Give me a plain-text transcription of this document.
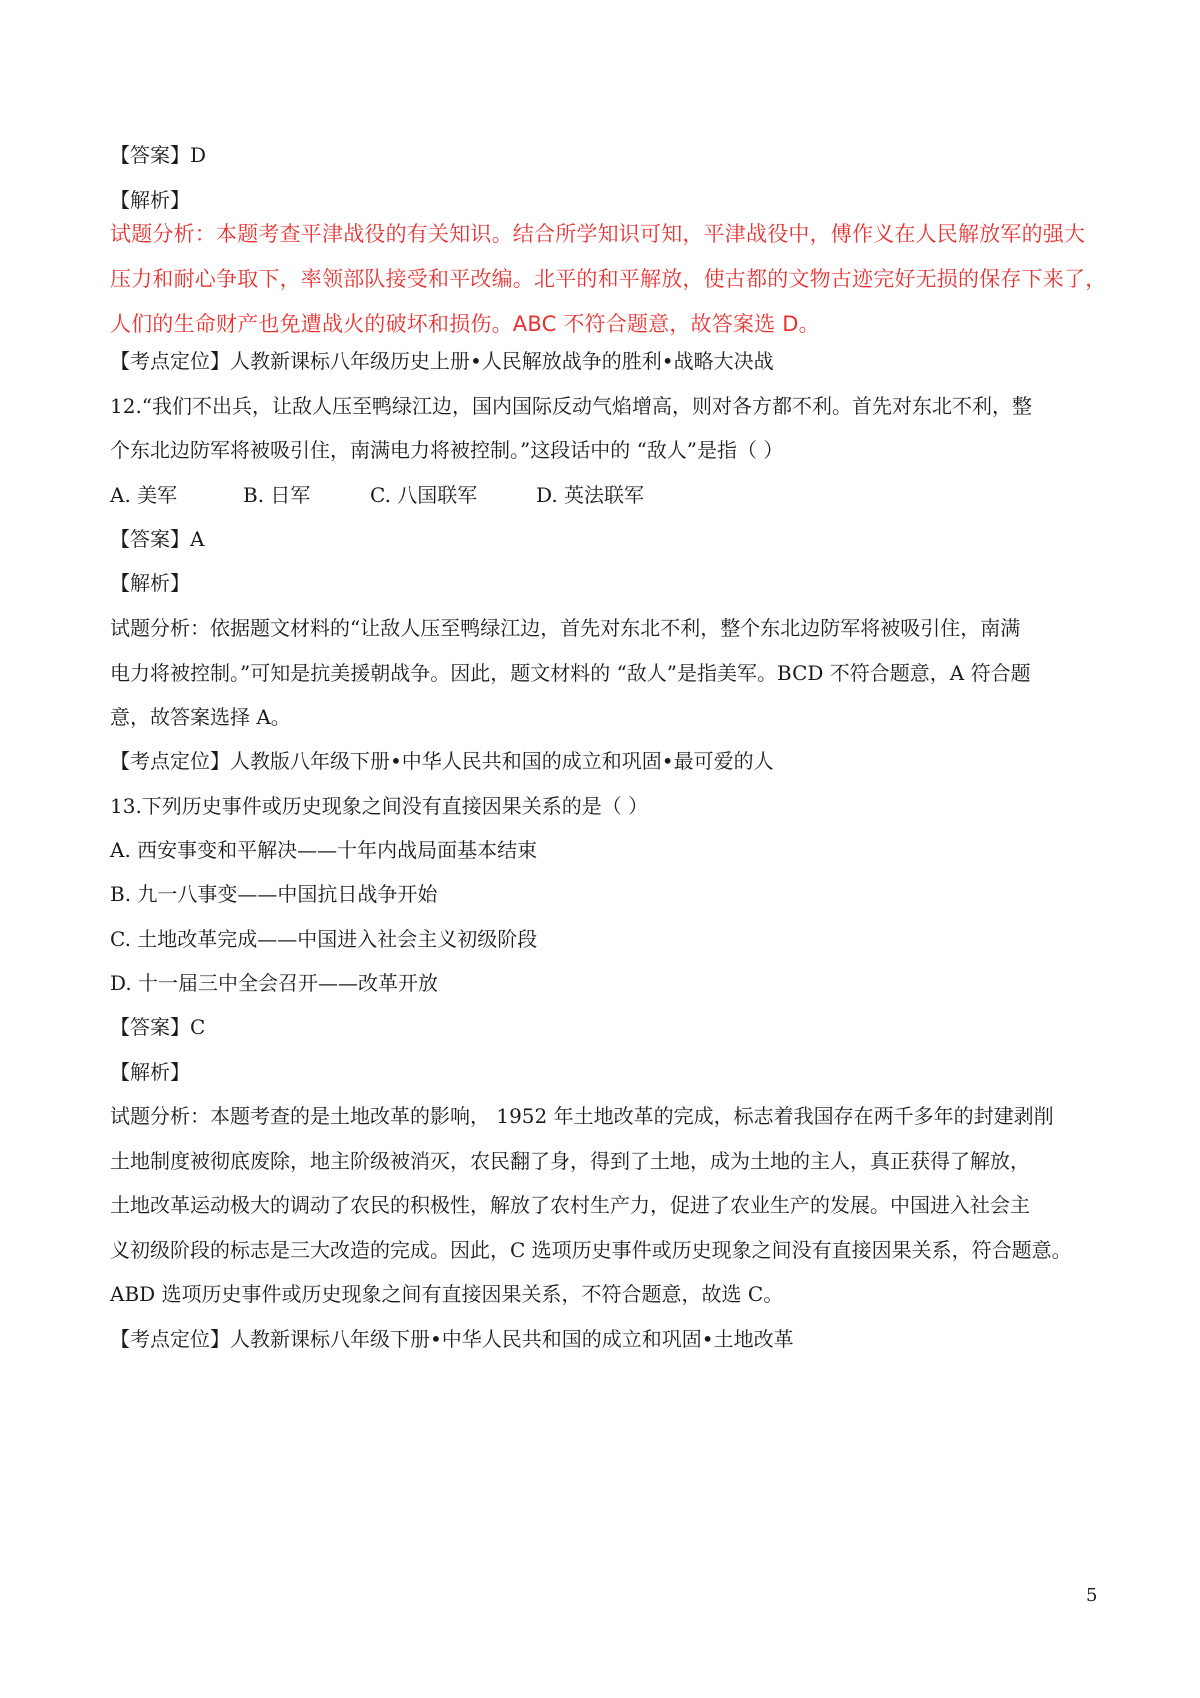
【答案】D
【解析】
试题分析：本题考查平津战役的有关知识。结合所学知识可知，平津战役中，傅作义在人民解放军的强大
压力和耐心争取下，率领部队接受和平改编。北平的和平解放，使古都的文物古迹完好无损的保存下来了，
人们的生命财产也免遭战火的破坏和损伤。ABC 不符合题意，故答案选 D。
【考点定位】人教新课标八年级历史上册•人民解放战争的胜利•战略大决战
12.“我们不出兵，让敌人压至鸭绿江边，国内国际反动气焰增高，则对各方都不利。首先对东北不利，整
个东北边防军将被吸引住，南满电力将被控制。”这段话中的 “敌人”是指（ ）
A. 美军	B. 日军	C. 八国联军	D. 英法联军
【答案】A
【解析】
试题分析：依据题文材料的“让敌人压至鸭绿江边，首先对东北不利，整个东北边防军将被吸引住，南满
电力将被控制。”可知是抗美援朝战争。因此，题文材料的 “敌人”是指美军。BCD 不符合题意，A 符合题
意，故答案选择 A。
【考点定位】人教版八年级下册•中华人民共和国的成立和巩固•最可爱的人
13.下列历史事件或历史现象之间没有直接因果关系的是（ ）
A. 西安事变和平解决——十年内战局面基本结束
B. 九一八事变——中国抗日战争开始
C. 土地改革完成——中国进入社会主义初级阶段
D. 十一届三中全会召开——改革开放
【答案】C
【解析】
试题分析：本题考查的是土地改革的影响， 1952 年土地改革的完成，标志着我国存在两千多年的封建剥削
土地制度被彻底废除，地主阶级被消灭，农民翻了身，得到了土地，成为土地的主人，真正获得了解放，
土地改革运动极大的调动了农民的积极性，解放了农村生产力，促进了农业生产的发展。中国进入社会主
义初级阶段的标志是三大改造的完成。因此，C 选项历史事件或历史现象之间没有直接因果关系，符合题意。
ABD 选项历史事件或历史现象之间有直接因果关系，不符合题意，故选 C。
【考点定位】人教新课标八年级下册•中华人民共和国的成立和巩固•土地改革
5
